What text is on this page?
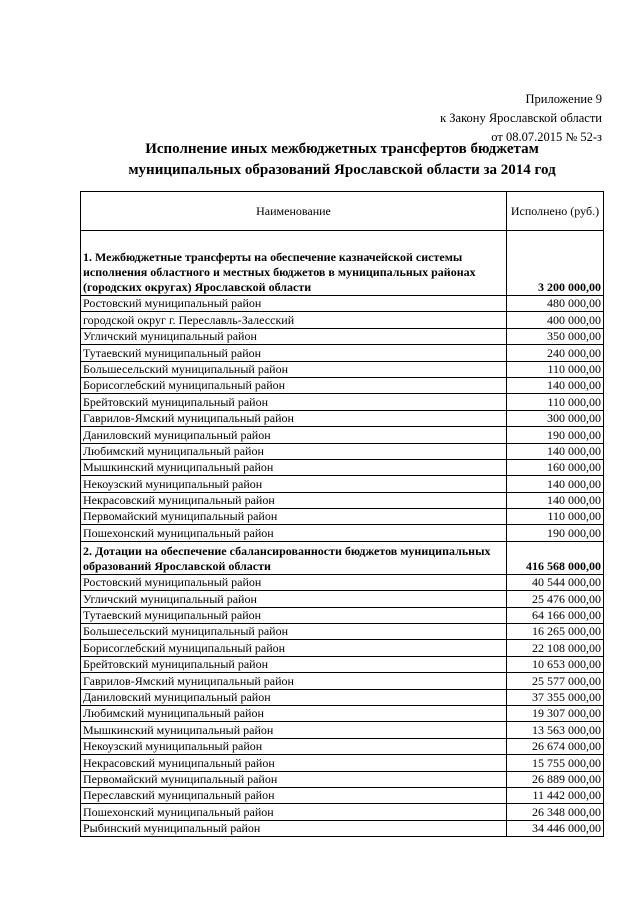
Приложение 9
к Закону Ярославской области
от 08.07.2015 № 52-з
Исполнение иных межбюджетных трансфертов бюджетам
муниципальных образований Ярославской области за 2014 год
Наименование	Исполнено (руб.)
1. Межбюджетные трансферты на обеспечение казначейской системы исполнения областного и местных бюджетов в муниципальных районах (городских округах) Ярославской области	3 200 000,00
Ростовский муниципальный район	480 000,00
городской округ г. Переславль-Залесский	400 000,00
Угличский муниципальный район	350 000,00
Тутаевский муниципальный район	240 000,00
Большесельский муниципальный район	110 000,00
Борисоглебский муниципальный район	140 000,00
Брейтовский муниципальный район	110 000,00
Гаврилов-Ямский муниципальный район	300 000,00
Даниловский муниципальный район	190 000,00
Любимский муниципальный район	140 000,00
Мышкинский муниципальный район	160 000,00
Некоузский муниципальный район	140 000,00
Некрасовский муниципальный район	140 000,00
Первомайский муниципальный район	110 000,00
Пошехонский муниципальный район	190 000,00
2. Дотации на обеспечение сбалансированности бюджетов муниципальных образований Ярославской области	416 568 000,00
Ростовский муниципальный район	40 544 000,00
Угличский муниципальный район	25 476 000,00
Тутаевский муниципальный район	64 166 000,00
Большесельский муниципальный район	16 265 000,00
Борисоглебский муниципальный район	22 108 000,00
Брейтовский муниципальный район	10 653 000,00
Гаврилов-Ямский муниципальный район	25 577 000,00
Даниловский муниципальный район	37 355 000,00
Любимский муниципальный район	19 307 000,00
Мышкинский муниципальный район	13 563 000,00
Некоузский муниципальный район	26 674 000,00
Некрасовский муниципальный район	15 755 000,00
Первомайский муниципальный район	26 889 000,00
Переславский муниципальный район	11 442 000,00
Пошехонский муниципальный район	26 348 000,00
Рыбинский муниципальный район	34 446 000,00
